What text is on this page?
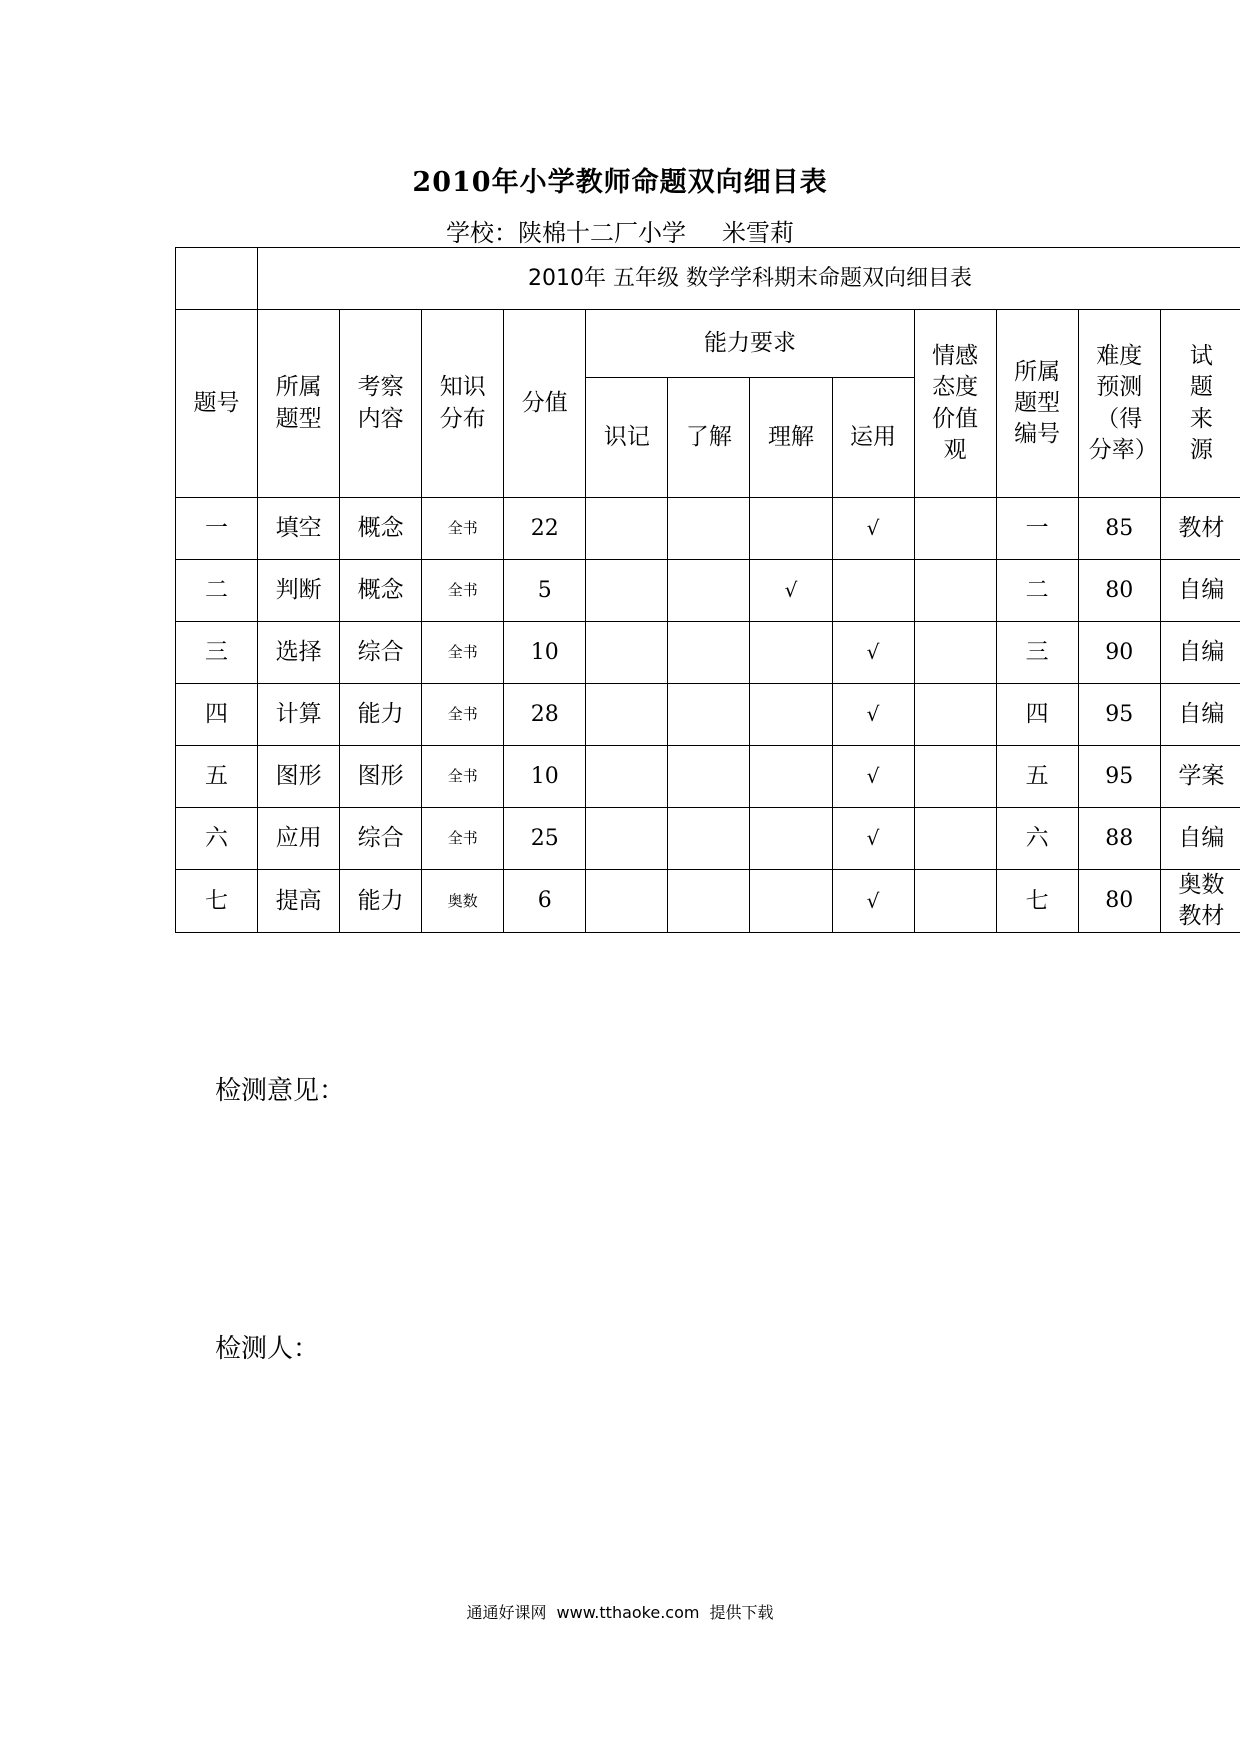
2010年小学教师命题双向细目表
学校：陕棉十二厂小学 米雪莉
	2010年 五年级 数学学科期末命题双向细目表											
题号	所属题型	考察内容	知识分布	分值	能力要求				情感态度价值观	所属题型编号	难度预测（得分率）	试题来源
					识记	了解	理解	运用				
一	填空	概念	全书	22				√		一	85	教材
二	判断	概念	全书	5			√			二	80	自编
三	选择	综合	全书	10				√		三	90	自编
四	计算	能力	全书	28				√		四	95	自编
五	图形	图形	全书	10				√		五	95	学案
六	应用	综合	全书	25				√		六	88	自编
七	提高	能力	奥数	6				√		七	80	奥数教材
检测意见：
检测人：
通通好课网 www.tthaoke.com 提供下载
